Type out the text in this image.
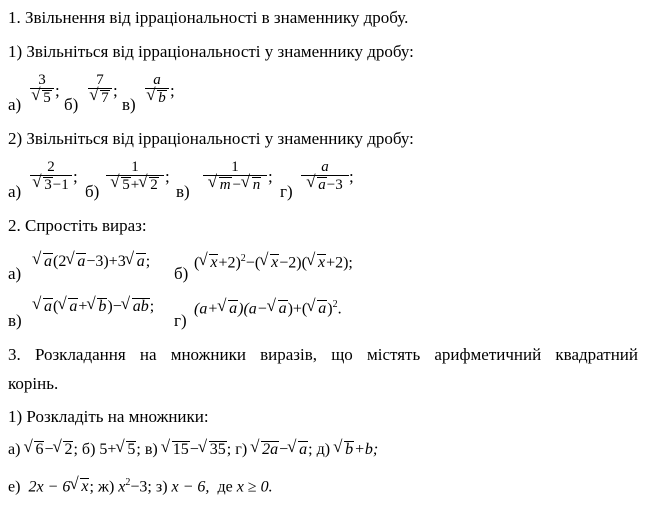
1. Звільнення від ірраціональності в знаменнику дробу.
1) Звільніться від ірраціональності у знаменнику дробу:
а)
3
√ 5 ;
б)
7
√ 7 ;
в)
a
√ b ;
2) Звільніться від ірраціональності у знаменнику дробу:
а)
2
√ 3−1 ;
б)
1
√ 5+ √ 2 ;
в)
1
√ m− √ n ;
г)
a
√ a−3 ;
2. Спростіть вираз:
а)
√ a(2 √ a−3)+3 √ a;
б)
( √ x+2)$^2$−( √ x−2)( √ x+2);
в)
√ a( √ a+ √ b)− √ ab;
г)
(a+ √ a)(a− √ a)+( √ a)$^2$.
3. Розкладання на множники виразів, що містять арифметичний квадратний
корінь.
1) Розкладіть на множники:
а) √ 6− √ 2; б) 5+ √ 5; в) √ 15− √ 35; г) √ 2a− √ a; д) √ b+b;
е) 2x − 6 √ x; ж) $x^2-3$; з) x − 6, де x ≥ 0.
